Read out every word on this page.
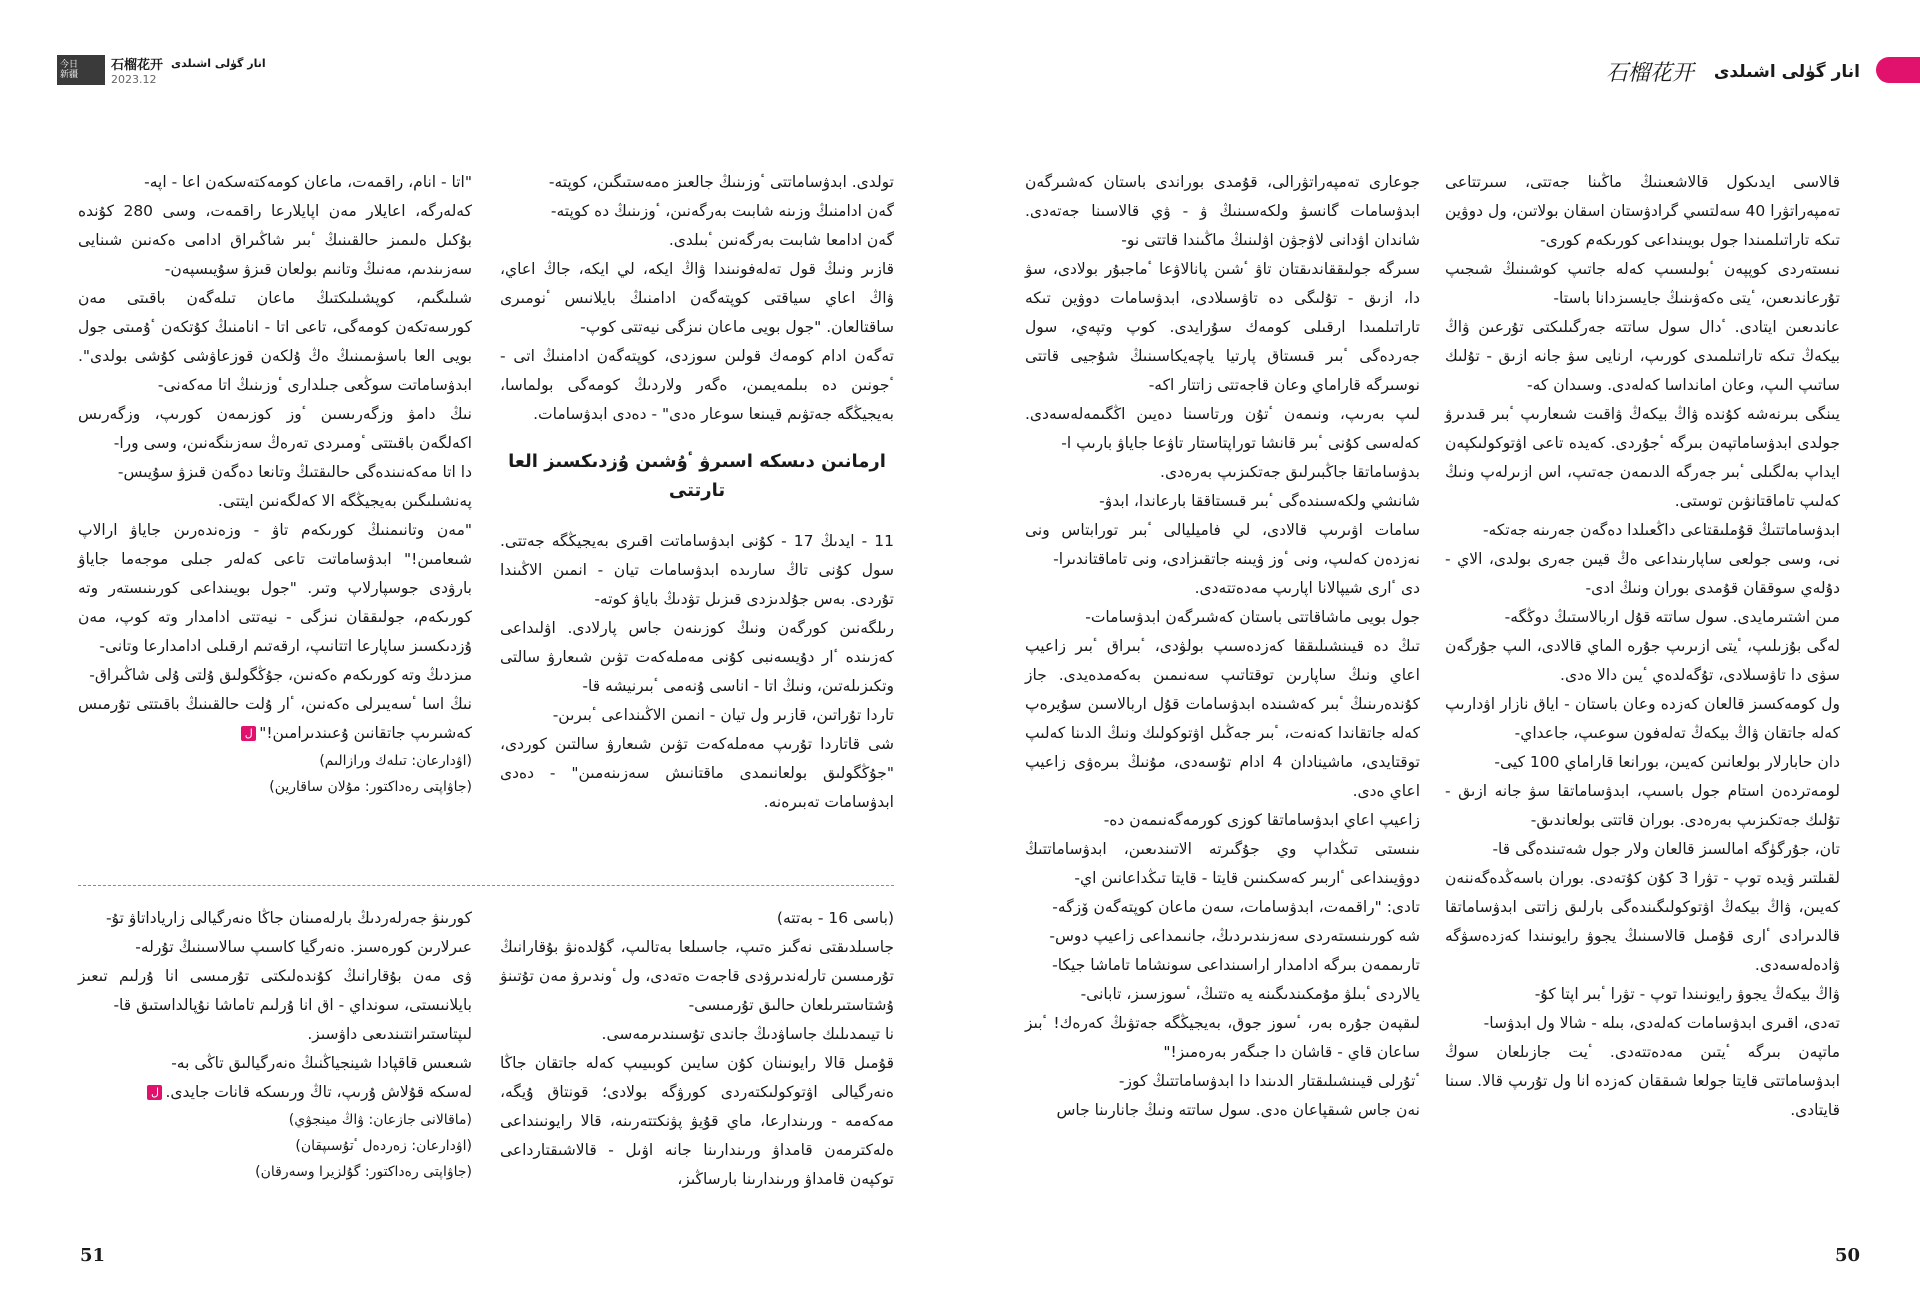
今日
新疆
石榴花开 انار گۈلى اشىلدى
2023.12

تولدى. ابدۋساماتتى ٴوزىنىڭ جالعىز ەمەستىگىن، كوپتە-

گەن ادامنىڭ وزىنە شابىت بەرگەنىن، ٴوزىنىڭ دە كوپتە-

گەن ادامعا شابىت بەرگەنىن ٴبىلدى.

قازىر ونىڭ قول تەلەفونىندا ۋاڭ ايكە، لي ايكە، جاڭ اعاي، ۋاڭ اعاي سياقتى كوپتەگەن ادامنىڭ بايلانىس ٴنومىرى ساقتالعان. "جول بويى ماعان نىزگى نيەتتى كوپ-

تەگەن ادام كومەك قولىن سوزدى، كوپتەگەن ادامنىڭ اتى - ٴجونىن دە بىلمەيمىن، ەگەر ولاردىڭ كومەگى بولماسا، بەيجيڭگە جەتۋىم قيىنعا سوعار ەدى" - دەدى ابدۋسامات.

ارمانىن دىسكە اسىرۋ ٴۇشىن ۇزدىكسىز العا تارتتى

11 - ايدىڭ 17 - كۇنى ابدۋساماتت اقىرى بەيجيڭگە جەتتى. سول كۇنى تاڭ سارىدە ابدۋسامات تيان - انمىن الاڭىندا تۇردى. بەس جۇلدىزدى قىزىل تۋدىڭ باياۋ كوتە-

رىلگەنىن كورگەن ونىڭ كوزىنەن جاس پارلادى. اۋلىداعى كەزىندە ٴار دۇيسەنبى كۇنى مەملەكەت تۋىن شىعارۋ سالتى وتكىزىلەتىن، ونىڭ اتا - اناسى ۇنەمى ٴبىرنيشە قا-

تاردا تۇراتىن، قازىر ول تيان - انمىن الاڭىنداعى ٴبىرىن-

شى قاتاردا تۇرىپ مەملەكەت تۋىن شىعارۋ سالتىن كوردى، "جۇڭگولىق بولعانىمدى ماقتانىش سەزىنەمىن" - دەدى ابدۋسامات تەبىرەنە.

"اتا - انام، راقمەت، ماعان كومەكتەسكەن اعا - اپە-

كەلەرگە، اعايلار مەن اپايلارعا راقمەت، وسى 280 كۇندە بۇكىل ەلىمىز حالقىنىڭ ٴبىر شاڭىراق ادامى ەكەنىن شىنايى سەزىندىم، مەنىڭ وتانىم بولعان قىزۋ سۇيىسپەن-

شىلىگىم، كوپشىلىكتىڭ ماعان تىلەگەن باقىتى مەن كورسەتكەن كومەگى، تاعى اتا - انامنىڭ كۇتكەن ٴۇمىتى جول بويى العا باسۋىمىنىڭ ەڭ ۇلكەن قوزعاۋشى كۇشى بولدى". ابدۋساماتت سوڭعى جىلدارى ٴوزىنىڭ اتا مەكەنى-

نىڭ دامۋ وزگەرىسىن ٴوز كوزىمەن كورىپ، وزگەرىس اكەلگەن باقىتتى ٴومىردى تەرەڭ سەزىنگەنىن، وسى ورا-

دا اتا مەكەنىندەگى حالىقتىڭ وتانعا دەگەن قىزۋ سۇيىس-

پەنشىلىگىن بەيجيڭگە الا كەلگەنىن ايتتى.

"مەن وتانىمنىڭ كورىكەم تاۋ - وزەندەرىن جاياۋ ارالاپ شىعامىن!" ابدۋساماتت تاعى كەلەر جىلى موجەما جاياۋ بارۋدى جوسپارلاپ وتىر. "جول بويىنداعى كورىنىستەر وتە كورىكەم، جولىققان نىزگى - نيەتتى ادامدار وتە كوپ، مەن ۇزدىكسىز ساپارعا اتتانىپ، ارقەتىم ارقىلى ادامدارعا وتانى-

مىزدىڭ وتە كورىكەم ەكەنىن، جۇڭگولىق ۇلتى ۇلى شاڭىراق-

نىڭ اسا ٴسەيىرلى ەكەنىن، ٴار ۇلت حالقىنىڭ باقىتتى تۇرمىس كەشىرىپ جاتقانىن ۇعىندىرامىن!"ل

(اۋدارعان: تىلەك ورازالىم)

(جاۋاپتى رەداكتور: مۇلان ساقارين)

(باسى 16 - بەتتە)

جاسىلدىقتى نەگىز ەتىپ، جاسىلعا بەتالىپ، گۇلدەنۋ بۇقارانىڭ تۇرمىسىن تارلەندىرۋدى قاجەت ەتەدى، ول ٴوندىرۋ مەن تۇتىنۋ ۇشتاستىرىلعان حالىق تۇرمىسى-

نا تيىمدىلىك جاساۋدىڭ جاندى تۇسىندىرمەسى.

قۇمىل قالا رايونىنان كۇن سايىن كوبىيىپ كەلە جاتقان جاڭا ەنەرگيالى اۋتوكولىكتەردى كورۋگە بولادى؛ قونتاق ۇيگە، مەكەمە - ورىندارعا، ماي قۇيۋ پۋنكتتەرىنە، قالا رايونىنداعى ەلەكترمەن قامداۋ ورىندارىنا جانە اۋىل - قالاشىقتارداعى توكپەن قامداۋ ورىندارىنا بارساڭىز،

كورىنۋ جەرلەردىڭ بارلەمىنان جاڭا ەنەرگيالى زارياداتاۋ تۇ-

عىرلارىن كورەسىز. ەنەرگيا كاسىپ سالاسىنىڭ تۇرلە-

ۋى مەن بۇقارانىڭ كۇندەلىكتى تۇرمىسى انا ۇرلىم تىعىز بايلانىستى، سونداي - اق انا ۇرلىم تاماشا نۇپالداستىق قا-

لىپتاستىرانتىندىعى داۋسىز.

شىعىس قاقپادا شينجياڭنىڭ ەنەرگيالىق تاڭى بە-

لەسكە قۇلاش ۇرىپ، تاڭ ورىسكە قانات جايدى.ل

(ماقالانى جازعان: ۋاڭ مينجۋي)

(اۋدارعان: زەردەل ٴتۇسىپقان)

(جاۋاپتى رەداكتور: گۇلزيرا وسەرقان)

51
石榴花开 انار گۈلى اشىلدى

قالاسى ايدىكول قالاشعىنىڭ ماڭىنا جەتتى، سىرتتاعى تەمپەراتۋرا 40 سەلتسي گرادۋستان اسقان بولاتىن، ول دوۋين تىكە تاراتىلمىندا جول بويىنداعى كورىكەم كورى-

نىستەردى كوپپەن ٴبولىسىپ كەلە جاتىپ كوشىنىڭ شىجىپ تۇرعاندىعىن، ٴيتى ەكەۋىنىڭ جايسىزدانا باستا-

عاندىعىن ايتادى. ٴدال سول ساتتە جەرگىلىكتى تۇرعىن ۋاڭ بيكەڭ تىكە تاراتىلمىدى كورىپ، ارنايى سۋ جانە ازىق - تۇلىك ساتىپ الىپ، وعان امانداسا كەلەدى. وسىدان كە-

يىنگى بىرنەشە كۇندە ۋاڭ بيكەڭ ۋاقىت شىعارىپ ٴبىر قىدىرۋ جولدى ابدۋساماتپەن بىرگە ٴجۇردى. كەيدە تاعى اۋتوكولىكپەن ايداپ بەلگىلى ٴبىر جەرگە الدىمەن جەتىپ، اس ازىرلەپ ونىڭ كەلىپ تاماقتانۋىن توستى.

ابدۋساماتتىڭ قۇملىقتاعى داڭعىلدا دەگەن جەرىنە جەتكە-

نى، وسى جولعى ساپارىنداعى ەڭ قيىن جەرى بولدى، الاي - دۇلەي سوققان قۇمدى بوران ونىڭ ادى-

مىن اشتىرمايدى. سول ساتتە قۇل اربالاستىڭ دوڭگە-

لەگى بۇزىلىپ، ٴيتى ازىرىپ جۇرە الماي قالادى، الىپ جۇرگەن سۋى دا تاۋسىلادى، تۇگەلدەي ٴيىن دالا ەدى.

ول كومەكسىز قالعان كەزدە وعان باستان - اياق نازار اۋدارىپ كەلە جاتقان ۋاڭ بيكەڭ تەلەفون سوعىپ، جاعداي-

دان حابارلار بولعانىن كەيىن، بورانعا قاراماي 100 كيى-

لومەتردەن استام جول باسىپ، ابدۋساماتقا سۋ جانە ازىق - تۇلىك جەتكىزىپ بەرەدى. بوران قاتتى بولعاندىق-

تان، جۇرگۈگە امالسىز قالعان ولار جول شەتىندەگى قا-

لقىلتىر ۋيدە توپ - تۋرا 3 كۇن كۇتەدى. بوران باسەڭدەگەننەن كەيىن، ۋاڭ بيكەڭ اۋتوكولىگىندەگى بارلىق زاتتى ابدۋساماتقا قالدىرادى ٴارى قۇمىل قالاسىنىڭ يجوۋ رايونىندا كەزدەسۋگە ۋادەلەسەدى.

ۋاڭ بيكەڭ يجوۋ رايونىندا توپ - تۋرا ٴبىر اپتا كۇ-

تەدى، اقىرى ابدۋسامات كەلەدى، بىلە - شالا ول ابدۋسا-

ماتپەن بىرگە ٴيتىن مەدەتتەدى. ٴيت جازىلعان سوڭ ابدۋساماتتى قايتا جولعا شىققان كەزدە انا ول تۇرىپ قالا. سىنا قايتادى.

جوعارى تەمپەراتۋرالى، قۇمدى بوراندى باستان كەشىرگەن ابدۋسامات گانسۋ ولكەسىنىڭ ۋ - ۋي قالاسىنا جەتەدى. شاندان اۋدانى لاۋجۋن اۋلىنىڭ ماڭىندا قاتتى نو-

سىرگە جولىققاندىقتان تاۋ ٴشىن پانالاۋعا ٴماجبۇر بولادى، سۋ دا، ازىق - تۇلىگى دە تاۋسىلادى، ابدۋسامات دوۋين تىكە تاراتىلمىدا ارقىلى كومەك سۇرايدى. كوپ وتپەي، سول جەردەگى ٴبىر قىستاق پارتيا ياچەيكاسىنىڭ شۇجيى قاتتى نوسىرگە قاراماي وعان قاجەتتى زاتتار اكە-

لىپ بەرىپ، ونىمەن ٴتۇن ورتاسىنا دەيىن اڭگىمەلەسەدى. كەلەسى كۇنى ٴبىر قانشا توراپتاستار تاۋعا جاياۋ بارىپ ا-

بدۋساماتقا جاڭبىرلىق جەتكىزىپ بەرەدى.

شانشي ولكەسىندەگى ٴبىر قىستاققا بارعاندا، ابدۋ-

سامات اۋىرىپ قالادى، لي فاميليالى ٴبىر تورابتاس ونى نەزدەن كەلىپ، ونى ٴوز ۋيىنە جاتقىزادى، ونى تاماقتاندىرا-

دى ٴارى شيپالانا اپارىپ مەدەتتەدى.

جول بويى ماشاقاتتى باستان كەشىرگەن ابدۋسامات-

تىڭ دە قيىنشىلىققا كەزدەسىپ بولۋدى، ٴبىراق ٴبىر زاعيپ اعاي ونىڭ ساپارىن توقتاتىپ سەنىمىن بەكەمدەيدى. جاز كۇندەرىنىڭ ٴبىر كەشىندە ابدۋسامات قۇل اربالاسىن سۇيرەپ كەلە جاتقاندا كەنەت، ٴبىر جەڭىل اۋتوكولىك ونىڭ الدىنا كەلىپ توقتايدى، ماشينادان 4 ادام تۇسەدى، مۇنىڭ بىرەۋى زاعيپ اعاي ەدى.

زاعيپ اعاي ابدۋساماتقا كوزى كورمەگەنىمەن دە-

ىنىستى تىڭداپ وي جۇگىرتە الاتىندىعىن، ابدۋساماتتىڭ دوۋيىنداعى ٴاربىر كەسكىنىن قايتا - قايتا تىڭداعانىن اي-

تادى: "راقمەت، ابدۋسامات، سەن ماعان كوپتەگەن ۆزگە-

شە كورىنىستەردى سەزىندىردىڭ، جانىمداعى زاعيپ دوس-

تارىممەن بىرگە ادامدار اراسىنداعى سونشاما تاماشا جيكا-

يالاردى ٴبىلۋ مۇمكىندىگىنە يە ەتتىڭ، ٴسوزسىز، تابانى-

لىقپەن جۇرە بەر، ٴسوز جوق، بەيجيڭگە جەتۋىڭ كەرەك! ٴبىز ساعان قاي - قاشان دا جىگەر بەرەمىز!"

ٴتۇرلى قيىنشىلىقتار الدىندا دا ابدۋساماتتىڭ كوز-

نەن جاس شىقپاعان ەدى. سول ساتتە ونىڭ جانارىنا جاس

50
